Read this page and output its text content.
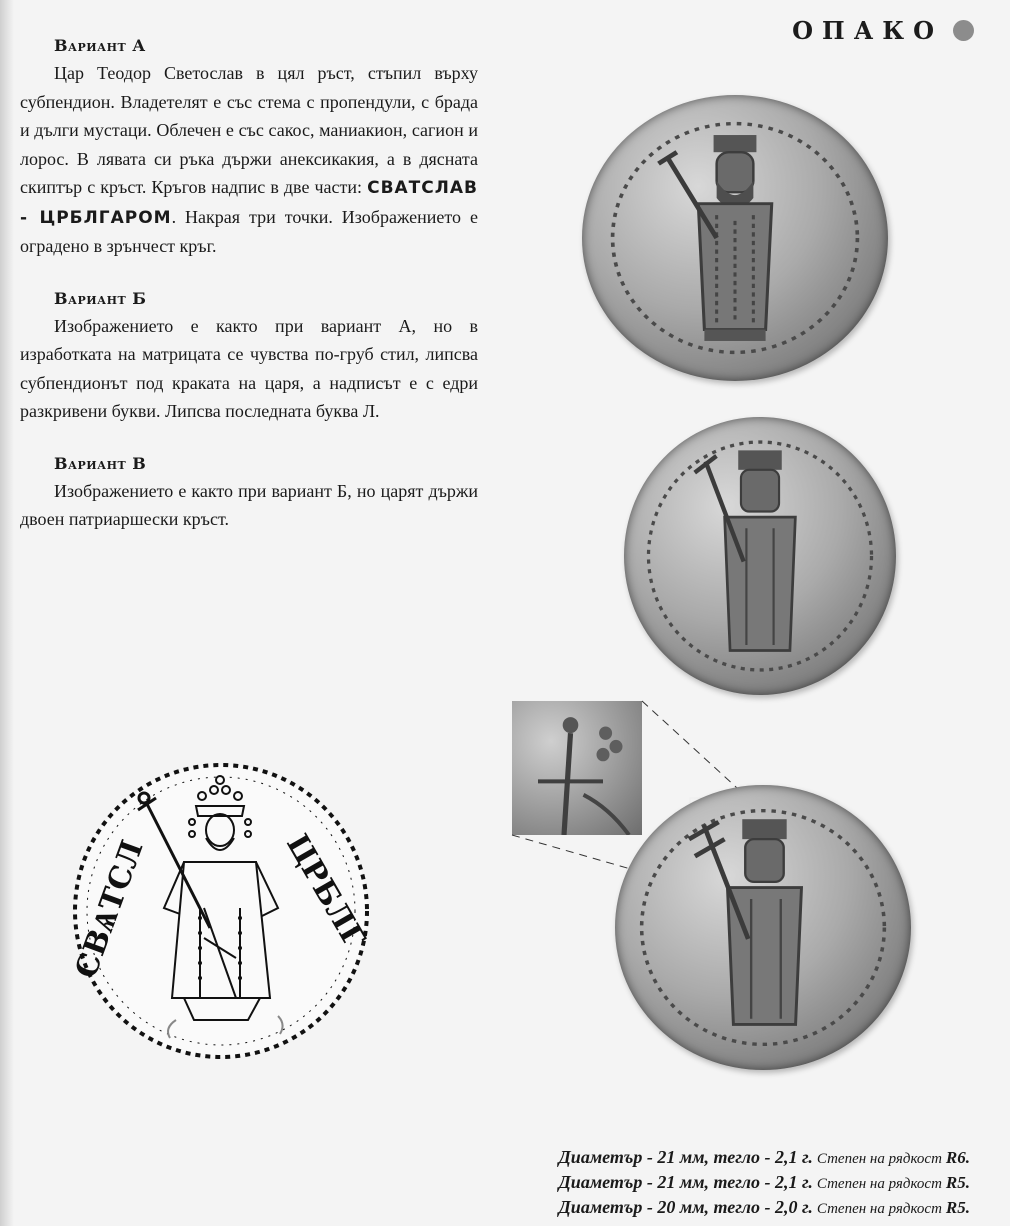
ОПАКО
Вариант А

Цар Теодор Светослав в цял ръст, стъпил върху субпендион. Владетелят е със стема с пропендули, с брада и дълги мустаци. Облечен е със сакос, маниакион, сагион и лорос. В лявата си ръка държи анексикакия, а в дясната скиптър с кръст. Кръгов надпис в две части: СВАТСЛАВ - ЦРБЛГАРОМ. Накрая три точки. Изображението е оградено в зрънчест кръг.

Вариант Б

Изображението е както при вариант А, но в изработката на матрицата се чувства по-груб стил, липсва субпендионът под краката на царя, а надписът е с едри разкривени букви. Липсва последната буква Л.

Вариант В

Изображението е както при вариант Б, но царят държи двоен патриаршески кръст.

СВѦТСЛ	ЦРБЛГ
Диаметър - 21 мм, тегло - 2,1 г. Степен на рядкост R6.
Диаметър - 21 мм, тегло - 2,1 г. Степен на рядкост R5.
Диаметър - 20 мм, тегло - 2,0 г. Степен на рядкост R5.
